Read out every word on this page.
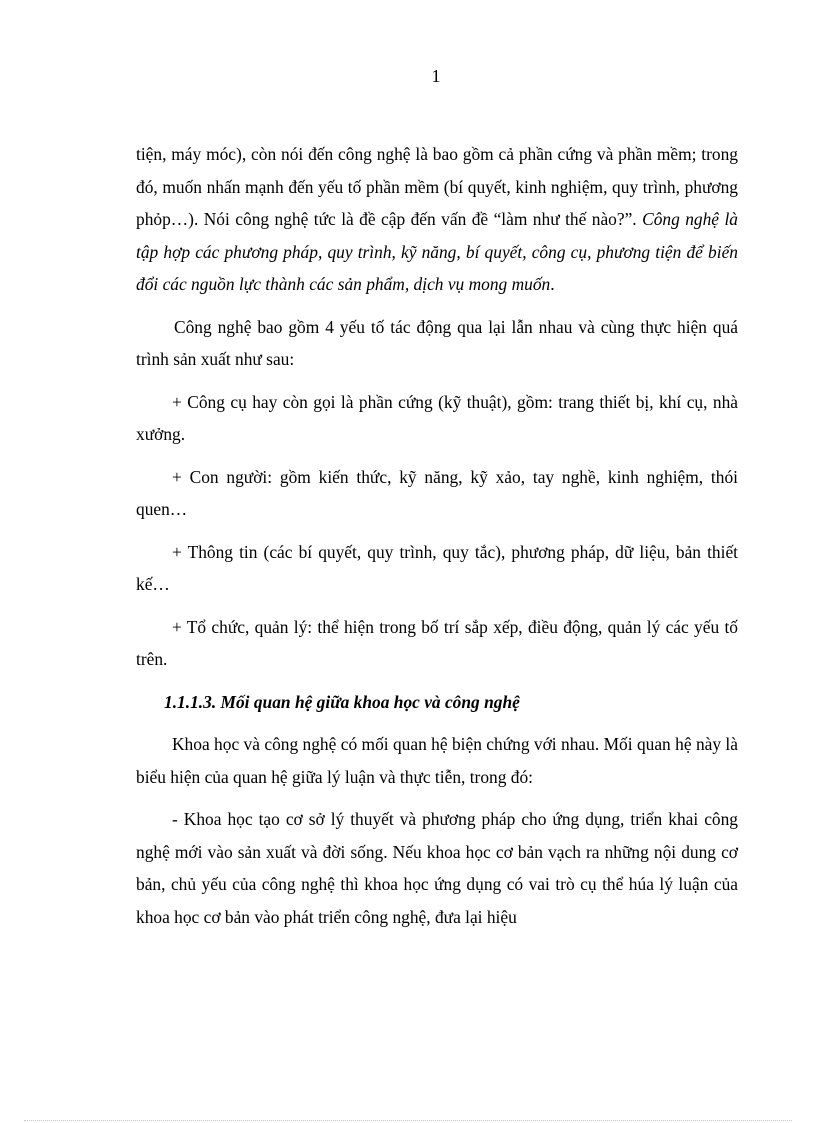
1

tiện, máy móc), còn nói đến công nghệ là bao gồm cả phần cứng và phần mềm; trong đó, muốn nhấn mạnh đến yếu tố phần mềm (bí quyết, kinh nghiệm, quy trình, phương phỏp…). Nói công nghệ tức là đề cập đến vấn đề “làm như thế nào?”. Công nghệ là tập hợp các phương pháp, quy trình, kỹ năng, bí quyết, công cụ, phương tiện để biến đổi các nguồn lực thành các sản phẩm, dịch vụ mong muốn.

Công nghệ bao gồm 4 yếu tố tác động qua lại lẫn nhau và cùng thực hiện quá trình sản xuất như sau:

+ Công cụ hay còn gọi là phần cứng (kỹ thuật), gồm: trang thiết bị, khí cụ, nhà xưởng.

+ Con người: gồm kiến thức, kỹ năng, kỹ xảo, tay nghề, kinh nghiệm, thói quen…

+ Thông tin (các bí quyết, quy trình, quy tắc), phương pháp, dữ liệu, bản thiết kế…

+ Tổ chức, quản lý: thể hiện trong bố trí sắp xếp, điều động, quản lý các yếu tố trên.

1.1.1.3. Mối quan hệ giữa khoa học và công nghệ

Khoa học và công nghệ có mối quan hệ biện chứng với nhau. Mối quan hệ này là biểu hiện của quan hệ giữa lý luận và thực tiễn, trong đó:

- Khoa học tạo cơ sở lý thuyết và phương pháp cho ứng dụng, triển khai công nghệ mới vào sản xuất và đời sống. Nếu khoa học cơ bản vạch ra những nội dung cơ bản, chủ yếu của công nghệ thì khoa học ứng dụng có vai trò cụ thể húa lý luận của khoa học cơ bản vào phát triển công nghệ, đưa lại hiệu
